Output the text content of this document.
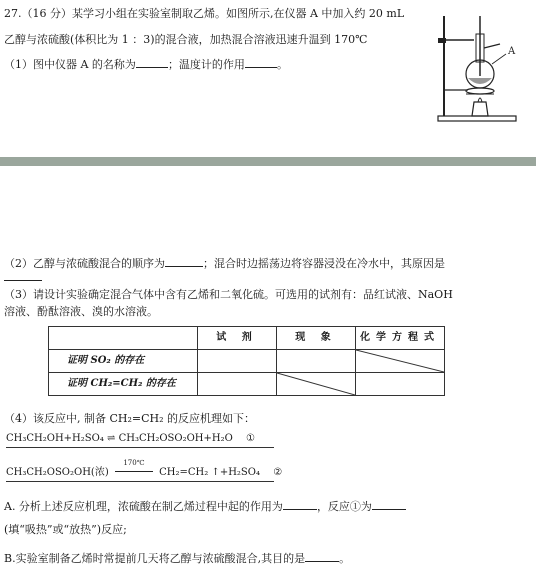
27.（16 分）某学习小组在实验室制取乙烯。如图所示,在仪器 A 中加入约 20 mL
乙醇与浓硫酸(体积比为 1 ：3)的混合液，加热混合溶液迅速升温到 170℃
（1）图中仪器 A 的名称为	；温度计的作用	。
A
（2）乙醇与浓硫酸混合的顺序为	；混合时边摇荡边将容器浸没在冷水中，其原因是
（3）请设计实验确定混合气体中含有乙烯和二氧化硫。可选用的试剂有：品红试液、NaOH
溶液、酚酞溶液、溴的水溶液。
	试 剂	现 象	化学方程式
证明 SO₂ 的存在			

证明 CH₂=CH₂ 的存在		

（4）该反应中, 制备 CH₂=CH₂ 的反应机理如下：
CH₃CH₂OH+H₂SO₄ ⇌ CH₃CH₂OSO₂OH+H₂O ①
CH₃CH₂OSO₂OH(浓)
170℃
CH₂=CH₂ ↑+H₂SO₄ ②
A. 分析上述反应机理，浓硫酸在制乙烯过程中起的作用为	，反应①为
(填“吸热”或“放热”)反应;
B.实验室制备乙烯时常提前几天将乙醇与浓硫酸混合,其目的是	。
